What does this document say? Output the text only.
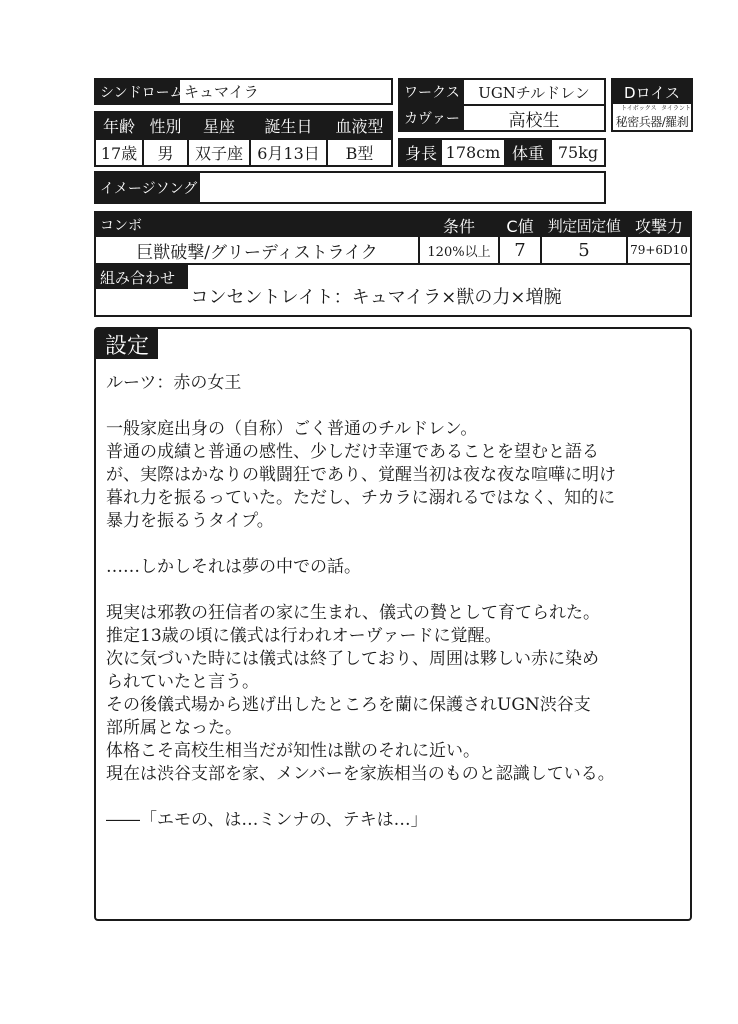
シンドローム キュマイラ
年齢 性別	星座	誕生日	血液型
17歳	男	双子座 6月13日	B型
ワークス	UGNチルドレン
カヴァー	高校生
Dロイス
トイボックス タイラント
秘密兵器/羅刹
身長 178cm 体重 75kg
イメージソング
コンボ	条件	C値 判定固定値 攻撃力
巨獣破撃/グリーディストライク	120%以上	7	5	79+6D10
組み合わせ
コンセントレイト：キュマイラ×獣の力×増腕
設定
ルーツ：赤の女王

一般家庭出身の（自称）ごく普通のチルドレン。
普通の成績と普通の感性、少しだけ幸運であることを望むと語る
が、実際はかなりの戦闘狂であり、覚醒当初は夜な夜な喧嘩に明け
暮れ力を振るっていた。ただし、チカラに溺れるではなく、知的に
暴力を振るうタイプ。

……しかしそれは夢の中での話。

現実は邪教の狂信者の家に生まれ、儀式の贄として育てられた。
推定13歳の頃に儀式は行われオーヴァードに覚醒。
次に気づいた時には儀式は終了しており、周囲は夥しい赤に染め
られていたと言う。
その後儀式場から逃げ出したところを蘭に保護されUGN渋谷支
部所属となった。
体格こそ高校生相当だが知性は獣のそれに近い。
現在は渋谷支部を家、メンバーを家族相当のものと認識している。

――「エモの、は…ミンナの、テキは…」
